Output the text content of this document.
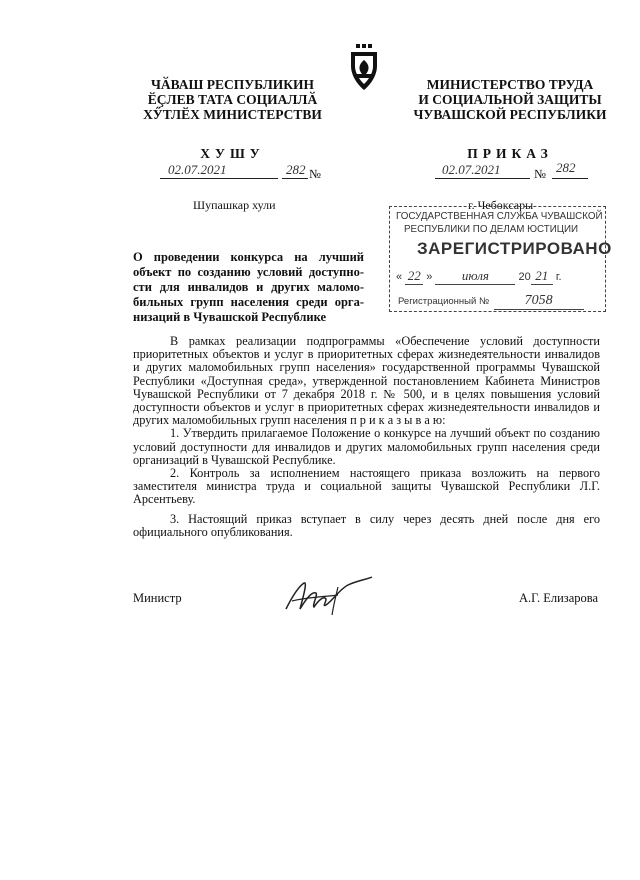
ЧӐВАШ РЕСПУБЛИКИН
ӖÇЛЕВ ТАТА СОЦИАЛЛӐ
ХӲТЛӖХ МИНИСТЕРСТВИ
ХУШУ
02.07.2021	282 №
Шупашкар хули
МИНИСТЕРСТВО ТРУДА
И СОЦИАЛЬНОЙ ЗАЩИТЫ
ЧУВАШСКОЙ РЕСПУБЛИКИ
ПРИКАЗ
02.07.2021	№ 282
г. Чебоксары
ГОСУДАРСТВЕННАЯ СЛУЖБА ЧУВАШСКОЙ
РЕСПУБЛИКИ ПО ДЕЛАМ ЮСТИЦИИ
ЗАРЕГИСТРИРОВАНО
« 22 » июля	20 21 г.
Регистрационный №	7058
О проведении конкурса на лучший
объект по созданию условий доступно-
сти для инвалидов и других маломо-
бильных групп населения среди орга-
низаций в Чувашской Республике

В рамках реализации подпрограммы «Обеспечение условий доступности приоритетных объектов и услуг в приоритетных сферах жизнедеятельности инвалидов и других маломобильных групп населения» государственной программы Чувашской Республики «Доступная среда», утвержденной постановлением Кабинета Министров Чувашской Республики от 7 декабря 2018 г. № 500, и в целях повышения условий доступности объектов и услуг в приоритетных сферах жизнедеятельности инвалидов и других маломобильных групп населения п р и к а з ы в а ю:

1. Утвердить прилагаемое Положение о конкурсе на лучший объект по созданию условий доступности для инвалидов и других маломобильных групп населения среди организаций в Чувашской Республике.

2. Контроль за исполнением настоящего приказа возложить на первого заместителя министра труда и социальной защиты Чувашской Республики Л.Г. Арсентьеву.

3. Настоящий приказ вступает в силу через десять дней после дня его официального опубликования.

Министр	А.Г. Елизарова
